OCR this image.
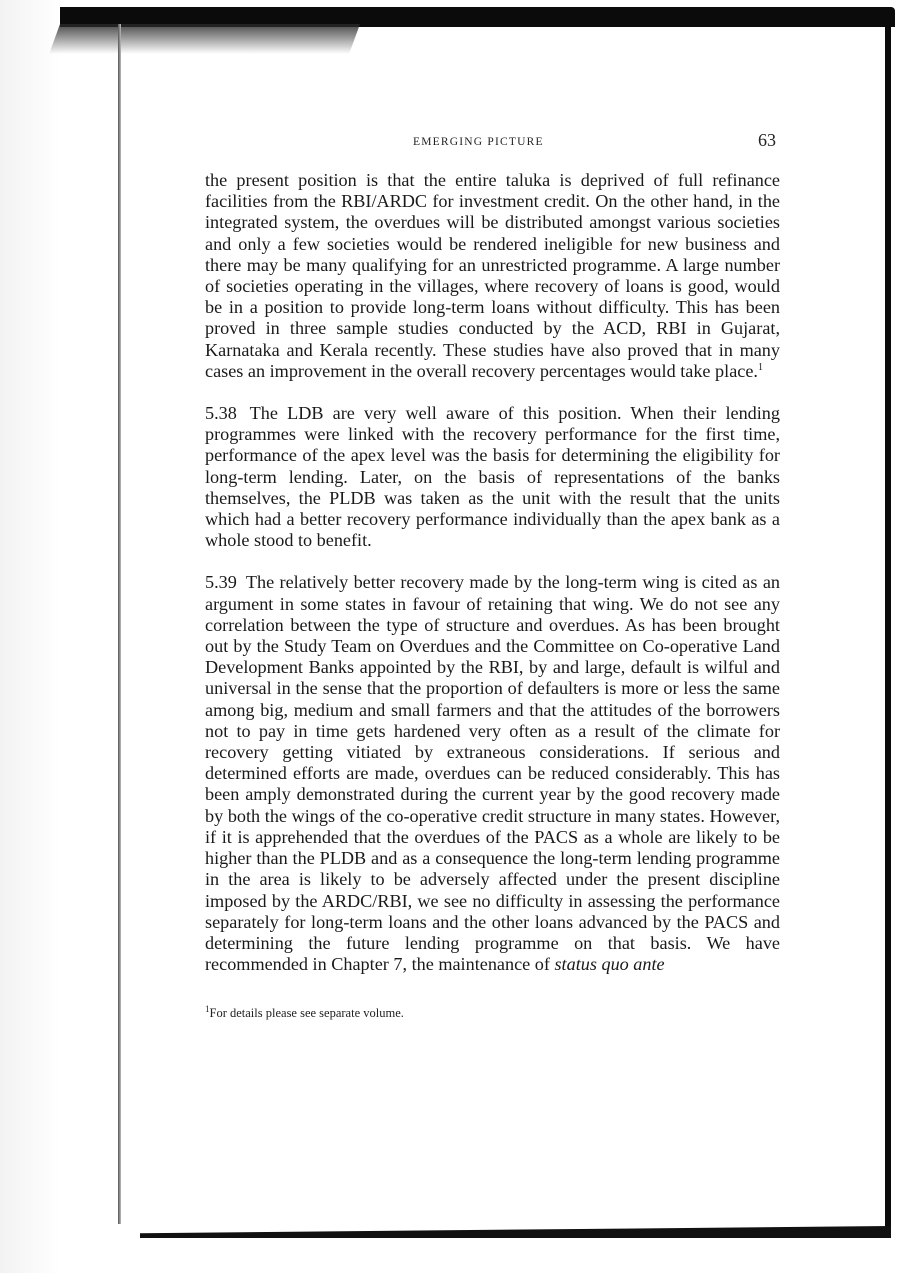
EMERGING PICTURE	63

the present position is that the entire taluka is deprived of full refinance facilities from the RBI/ARDC for investment credit. On the other hand, in the integrated system, the overdues will be distributed amongst various societies and only a few societies would be rendered ineligible for new business and there may be many qualifying for an unrestricted programme. A large number of societies operating in the villages, where recovery of loans is good, would be in a position to provide long-term loans without difficulty. This has been proved in three sample studies conducted by the ACD, RBI in Gujarat, Karnataka and Kerala recently. These studies have also proved that in many cases an improvement in the overall recovery percentages would take place.$^1$

5.38 The LDB are very well aware of this position. When their lending programmes were linked with the recovery performance for the first time, performance of the apex level was the basis for determining the eligibility for long-term lending. Later, on the basis of representations of the banks themselves, the PLDB was taken as the unit with the result that the units which had a better recovery performance individually than the apex bank as a whole stood to benefit.

5.39 The relatively better recovery made by the long-term wing is cited as an argument in some states in favour of retaining that wing. We do not see any correlation between the type of structure and overdues. As has been brought out by the Study Team on Overdues and the Committee on Co-operative Land Development Banks appointed by the RBI, by and large, default is wilful and universal in the sense that the proportion of defaulters is more or less the same among big, medium and small farmers and that the attitudes of the borrowers not to pay in time gets hardened very often as a result of the climate for recovery getting vitiated by extraneous considerations. If serious and determined efforts are made, overdues can be reduced considerably. This has been amply demonstrated during the current year by the good recovery made by both the wings of the co-operative credit structure in many states. However, if it is apprehended that the overdues of the PACS as a whole are likely to be higher than the PLDB and as a consequence the long-term lending programme in the area is likely to be adversely affected under the present discipline imposed by the ARDC/RBI, we see no difficulty in assessing the performance separately for long-term loans and the other loans advanced by the PACS and determining the future lending programme on that basis. We have recommended in Chapter 7, the maintenance of status quo ante

$^1$For details please see separate volume.
